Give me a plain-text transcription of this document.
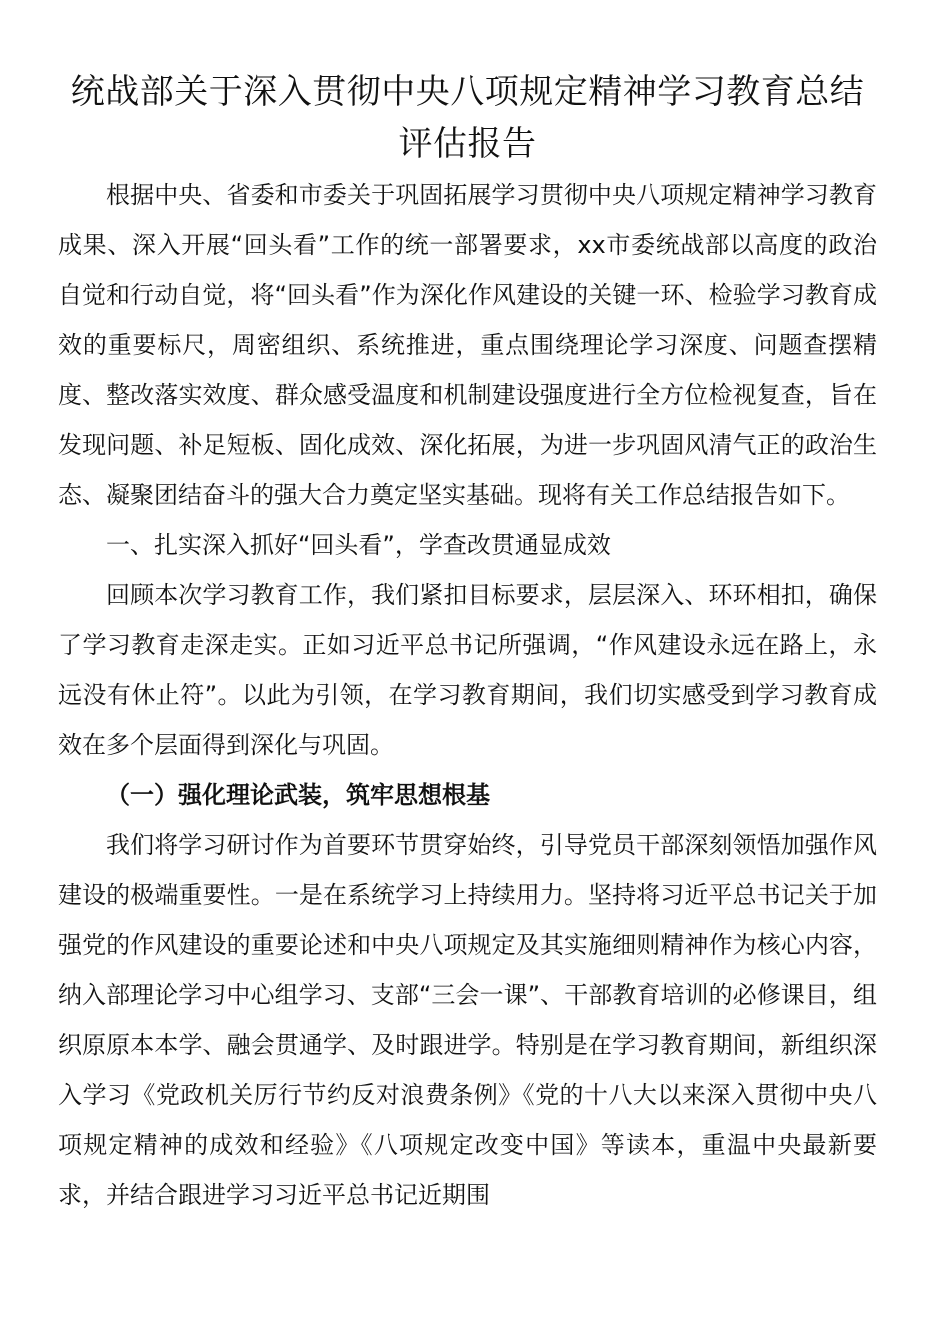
统战部关于深入贯彻中央八项规定精神学习教育总结评估报告

根据中央、省委和市委关于巩固拓展学习贯彻中央八项规定精神学习教育成果、深入开展“回头看”工作的统一部署要求，xx市委统战部以高度的政治自觉和行动自觉，将“回头看”作为深化作风建设的关键一环、检验学习教育成效的重要标尺，周密组织、系统推进，重点围绕理论学习深度、问题查摆精度、整改落实效度、群众感受温度和机制建设强度进行全方位检视复查，旨在发现问题、补足短板、固化成效、深化拓展，为进一步巩固风清气正的政治生态、凝聚团结奋斗的强大合力奠定坚实基础。现将有关工作总结报告如下。

一、扎实深入抓好“回头看”，学查改贯通显成效

回顾本次学习教育工作，我们紧扣目标要求，层层深入、环环相扣，确保了学习教育走深走实。正如习近平总书记所强调，“作风建设永远在路上，永远没有休止符”。以此为引领，在学习教育期间，我们切实感受到学习教育成效在多个层面得到深化与巩固。

（一）强化理论武装，筑牢思想根基

我们将学习研讨作为首要环节贯穿始终，引导党员干部深刻领悟加强作风建设的极端重要性。一是在系统学习上持续用力。坚持将习近平总书记关于加强党的作风建设的重要论述和中央八项规定及其实施细则精神作为核心内容，纳入部理论学习中心组学习、支部“三会一课”、干部教育培训的必修课目，组织原原本本学、融会贯通学、及时跟进学。特别是在学习教育期间，新组织深入学习《党政机关厉行节约反对浪费条例》《党的十八大以来深入贯彻中央八项规定精神的成效和经验》《八项规定改变中国》等读本，重温中央最新要求，并结合跟进学习习近平总书记近期围
